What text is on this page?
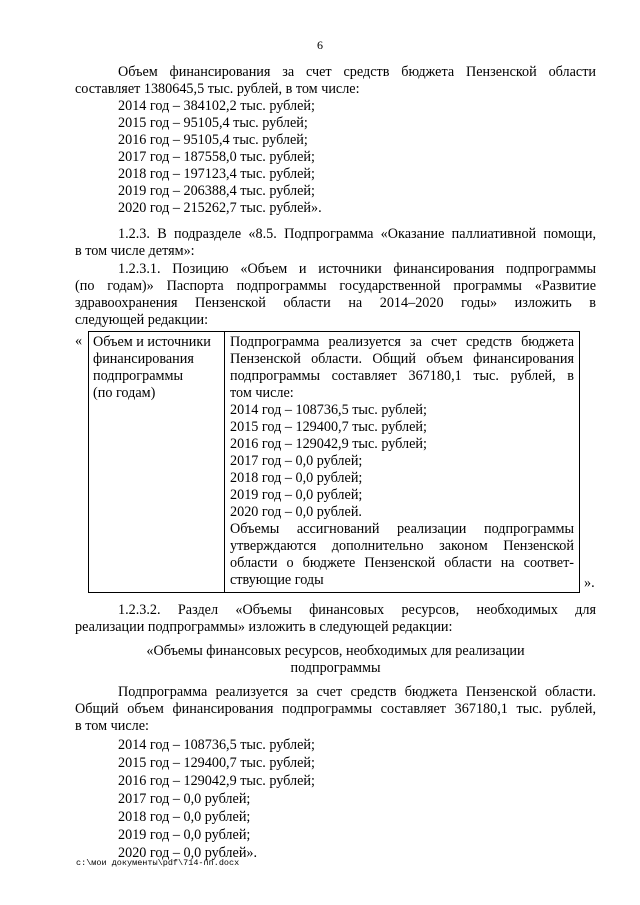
6
Объем финансирования за счет средств бюджета Пензенской области
составляет 1380645,5 тыс. рублей, в том числе:
2014 год – 384102,2 тыс. рублей;
2015 год – 95105,4 тыс. рублей;
2016 год – 95105,4 тыс. рублей;
2017 год – 187558,0 тыс. рублей;
2018 год – 197123,4 тыс. рублей;
2019 год – 206388,4 тыс. рублей;
2020 год – 215262,7 тыс. рублей».
1.2.3. В подразделе «8.5. Подпрограмма «Оказание паллиативной помощи,
в том числе детям»:
1.2.3.1. Позицию «Объем и источники финансирования подпрограммы
(по годам)» Паспорта подпрограммы государственной программы «Развитие
здравоохранения Пензенской области на 2014–2020 годы» изложить в
следующей редакции:
« Объем и источники
финансирования
подпрограммы
(по годам)
Подпрограмма реализуется за счет средств бюджета
Пензенской области. Общий объем финансирования
подпрограммы составляет 367180,1 тыс. рублей, в
том числе:
2014 год – 108736,5 тыс. рублей;
2015 год – 129400,7 тыс. рублей;
2016 год – 129042,9 тыс. рублей;
2017 год – 0,0 рублей;
2018 год – 0,0 рублей;
2019 год – 0,0 рублей;
2020 год – 0,0 рублей.
Объемы ассигнований реализации подпрограммы
утверждаются дополнительно законом Пензенской
области о бюджете Пензенской области на соответ-
ствующие годы	».
1.2.3.2. Раздел «Объемы финансовых ресурсов, необходимых для
реализации подпрограммы» изложить в следующей редакции:
«Объемы финансовых ресурсов, необходимых для реализации
подпрограммы
Подпрограмма реализуется за счет средств бюджета Пензенской области.
Общий объем финансирования подпрограммы составляет 367180,1 тыс. рублей,
в том числе:
2014 год – 108736,5 тыс. рублей;
2015 год – 129400,7 тыс. рублей;
2016 год – 129042,9 тыс. рублей;
2017 год – 0,0 рублей;
2018 год – 0,0 рублей;
2019 год – 0,0 рублей;
2020 год – 0,0 рублей».
c:\мои документы\pdf\714-пп.docx
